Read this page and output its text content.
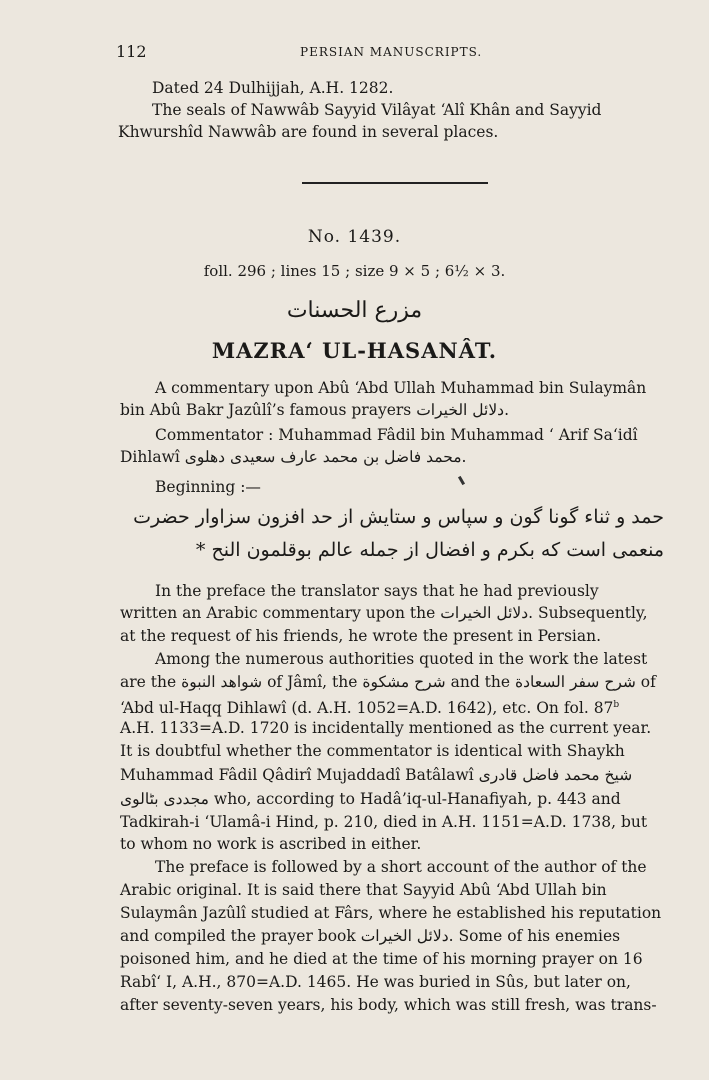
112	PERSIAN MANUSCRIPTS.
Dated 24 Dulhijjah, A.H. 1282.
The seals of Nawwâb Sayyid Vilâyat ‘Alî Khân and Sayyid
Khwurshîd Nawwâb are found in several places.
No. 1439.
foll. 296 ; lines 15 ; size 9 × 5 ; 6½ × 3.
مزرع الحسنات
MAZRA‘ UL-HASANÂT.
A commentary upon Abû ‘Abd Ullah Muhammad bin Sulaymân
bin Abû Bakr Jazûlî’s famous prayers دلائل الخيرات.
Commentator : Muhammad Fâdil bin Muhammad ‘ Arif Sa‘idî
Dihlawî محمد فاضل بن محمد عارف سعيدی دهلوی.
Beginning :—
حمد و ثناء گونا گون و سپاس و ستایش از حد افزون سزاوار حضرت
منعمی است که بکرم و افضال از جمله عالم بوقلمون النح *
In the preface the translator says that he had previously
written an Arabic commentary upon the دلائل الخيرات. Subsequently,
at the request of his friends, he wrote the present in Persian.
Among the numerous authorities quoted in the work the latest
are the شواهد النبوة of Jâmî, the شرح مشکوة and the شرح سفر السعادة of
‘Abd ul-Haqq Dihlawî (d. A.H. 1052=A.D. 1642), etc. On fol. 87$^b$
A.H. 1133=A.D. 1720 is incidentally mentioned as the current year.
It is doubtful whether the commentator is identical with Shaykh
Muhammad Fâdil Qâdirî Mujaddadî Batâlawî شیخ محمد فاضل قادری
مجددی بٹالوی who, according to Hadâ’iq-ul-Hanafiyah, p. 443 and
Tadkirah-i ‘Ulamâ-i Hind, p. 210, died in A.H. 1151=A.D. 1738, but
to whom no work is ascribed in either.
The preface is followed by a short account of the author of the
Arabic original. It is said there that Sayyid Abû ‘Abd Ullah bin
Sulaymân Jazûlî studied at Fârs, where he established his reputation
and compiled the prayer book دلائل الخيرات. Some of his enemies
poisoned him, and he died at the time of his morning prayer on 16
Rabî‘ I, A.H., 870=A.D. 1465. He was buried in Sûs, but later on,
after seventy-seven years, his body, which was still fresh, was trans-
